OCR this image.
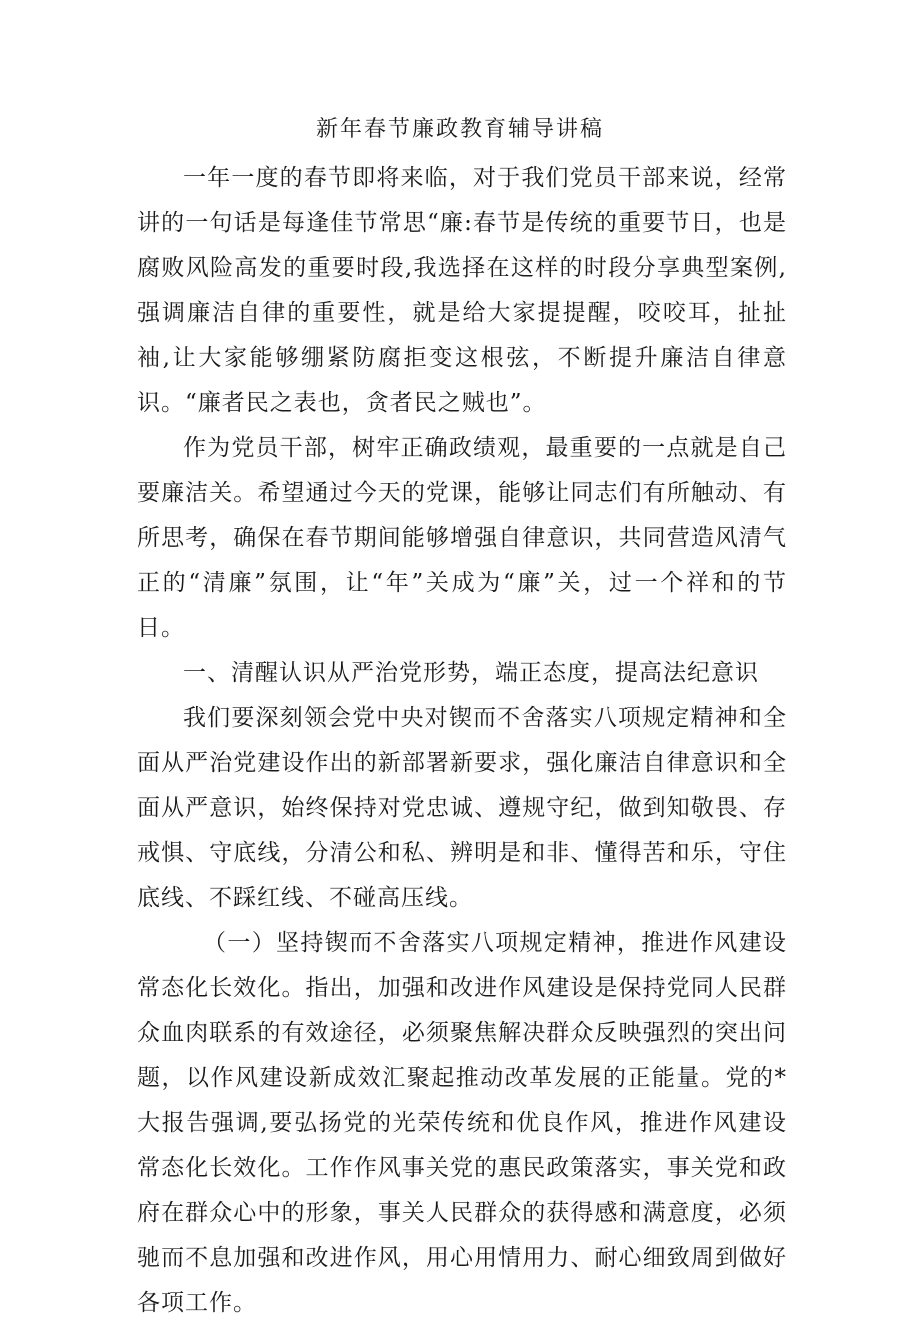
新年春节廉政教育辅导讲稿

一年一度的春节即将来临，对于我们党员干部来说，经常讲的一句话是每逢佳节常思“廉:春节是传统的重要节日，也是腐败风险高发的重要时段,我选择在这样的时段分享典型案例,强调廉洁自律的重要性，就是给大家提提醒，咬咬耳，扯扯袖,让大家能够绷紧防腐拒变这根弦，不断提升廉洁自律意识。“廉者民之表也，贪者民之贼也”。

作为党员干部，树牢正确政绩观，最重要的一点就是自己要廉洁关。希望通过今天的党课，能够让同志们有所触动、有所思考，确保在春节期间能够增强自律意识，共同营造风清气正的“清廉”氛围，让“年”关成为“廉”关，过一个祥和的节日。

一、清醒认识从严治党形势，端正态度，提高法纪意识

我们要深刻领会党中央对锲而不舍落实八项规定精神和全面从严治党建设作出的新部署新要求，强化廉洁自律意识和全面从严意识，始终保持对党忠诚、遵规守纪，做到知敬畏、存戒惧、守底线，分清公和私、辨明是和非、懂得苦和乐，守住底线、不踩红线、不碰高压线。

（一）坚持锲而不舍落实八项规定精神，推进作风建设常态化长效化。指出，加强和改进作风建设是保持党同人民群众血肉联系的有效途径，必须聚焦解决群众反映强烈的突出问题，以作风建设新成效汇聚起推动改革发展的正能量。党的*大报告强调,要弘扬党的光荣传统和优良作风，推进作风建设常态化长效化。工作作风事关党的惠民政策落实，事关党和政府在群众心中的形象，事关人民群众的获得感和满意度，必须驰而不息加强和改进作风，用心用情用力、耐心细致周到做好各项工作。
